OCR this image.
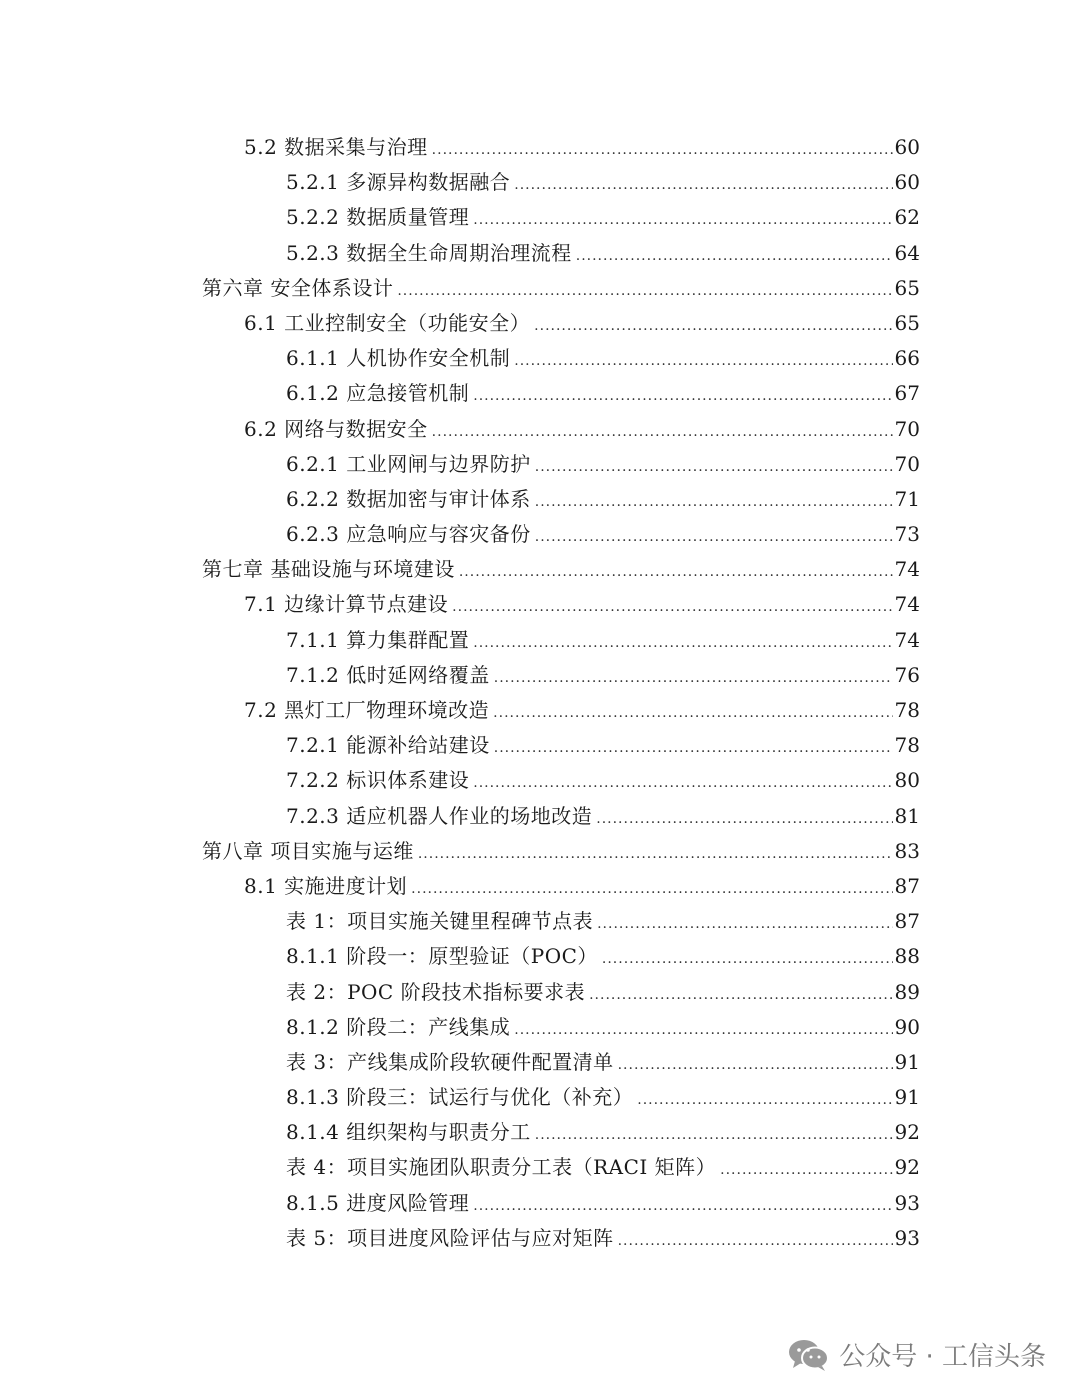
5.2 数据采集与治理 .....	60
5.2.1 多源异构数据融合 .....	60
5.2.2 数据质量管理 .....	62
5.2.3 数据全生命周期治理流程 .....	64
第六章 安全体系设计 .....	65
6.1 工业控制安全（功能安全） .....	65
6.1.1 人机协作安全机制 .....	66
6.1.2 应急接管机制 .....	67
6.2 网络与数据安全 .....	70
6.2.1 工业网闸与边界防护 .....	70
6.2.2 数据加密与审计体系 .....	71
6.2.3 应急响应与容灾备份 .....	73
第七章 基础设施与环境建设 .....	74
7.1 边缘计算节点建设 .....	74
7.1.1 算力集群配置 .....	74
7.1.2 低时延网络覆盖 .....	76
7.2 黑灯工厂物理环境改造 .....	78
7.2.1 能源补给站建设 .....	78
7.2.2 标识体系建设 .....	80
7.2.3 适应机器人作业的场地改造 .....	81
第八章 项目实施与运维 .....	83
8.1 实施进度计划 .....	87
表 1：项目实施关键里程碑节点表 .....	87
8.1.1 阶段一：原型验证（POC） .....	88
表 2：POC 阶段技术指标要求表 .....	89
8.1.2 阶段二：产线集成 .....	90
表 3：产线集成阶段软硬件配置清单 .....	91
8.1.3 阶段三：试运行与优化（补充） .....	91
8.1.4 组织架构与职责分工 .....	92
表 4：项目实施团队职责分工表（RACI 矩阵） .....	92
8.1.5 进度风险管理 .....	93
表 5：项目进度风险评估与应对矩阵 .....	93
公众号 · 工信头条
